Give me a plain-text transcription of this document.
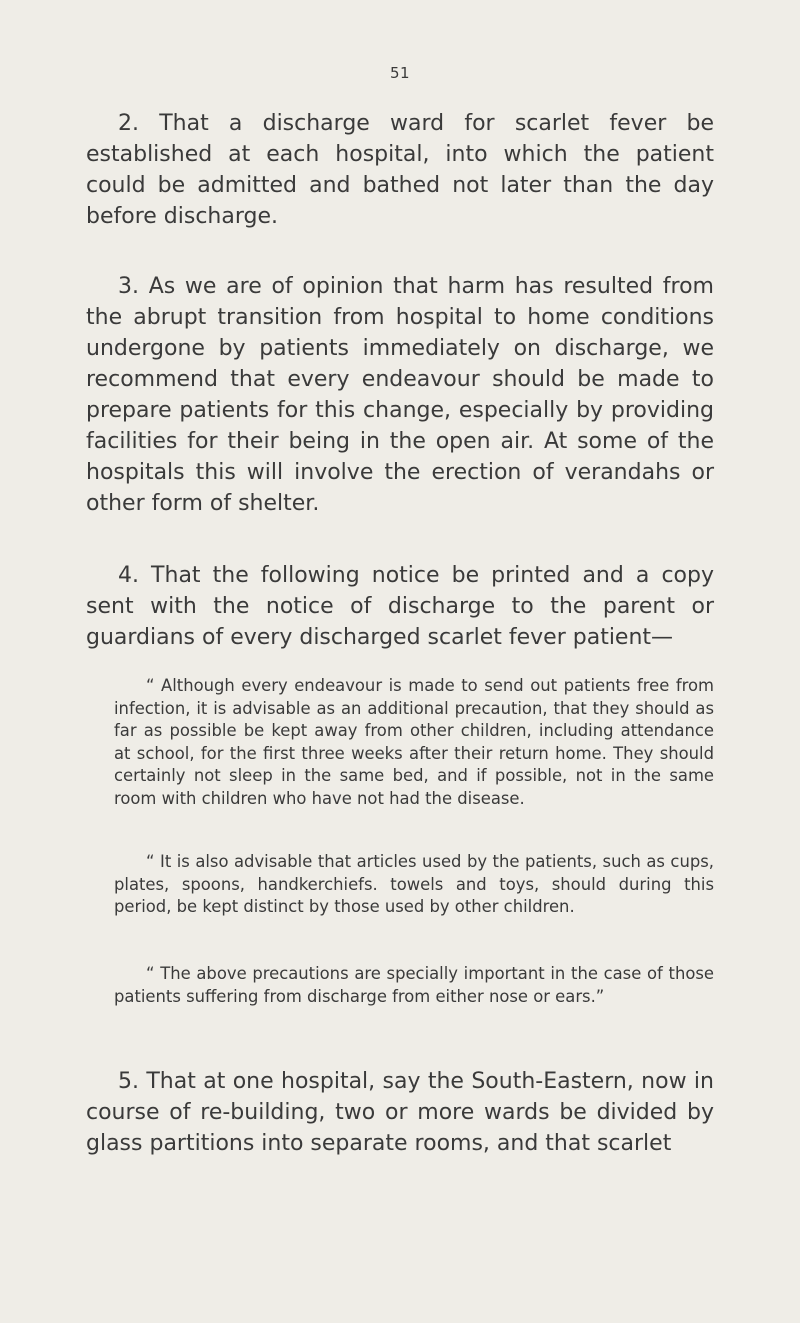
51

2. That a discharge ward for scarlet fever be established at each hospital, into which the patient could be admitted and bathed not later than the day before discharge.

3. As we are of opinion that harm has resulted from the abrupt transition from hospital to home conditions undergone by patients immediately on discharge, we recommend that every endeavour should be made to prepare patients for this change, especially by providing facilities for their being in the open air. At some of the hospitals this will involve the erection of verandahs or other form of shelter.

4. That the following notice be printed and a copy sent with the notice of discharge to the parent or guardians of every discharged scarlet fever patient—

“ Although every endeavour is made to send out patients free from infection, it is advisable as an additional precaution, that they should as far as possible be kept away from other children, including attendance at school, for the first three weeks after their return home. They should certainly not sleep in the same bed, and if possible, not in the same room with children who have not had the disease.

“ It is also advisable that articles used by the patients, such as cups, plates, spoons, handkerchiefs. towels and toys, should during this period, be kept distinct by those used by other children.

“ The above precautions are specially important in the case of those patients suffering from discharge from either nose or ears.”

5. That at one hospital, say the South-Eastern, now in course of re-building, two or more wards be divided by glass partitions into separate rooms, and that scarlet
